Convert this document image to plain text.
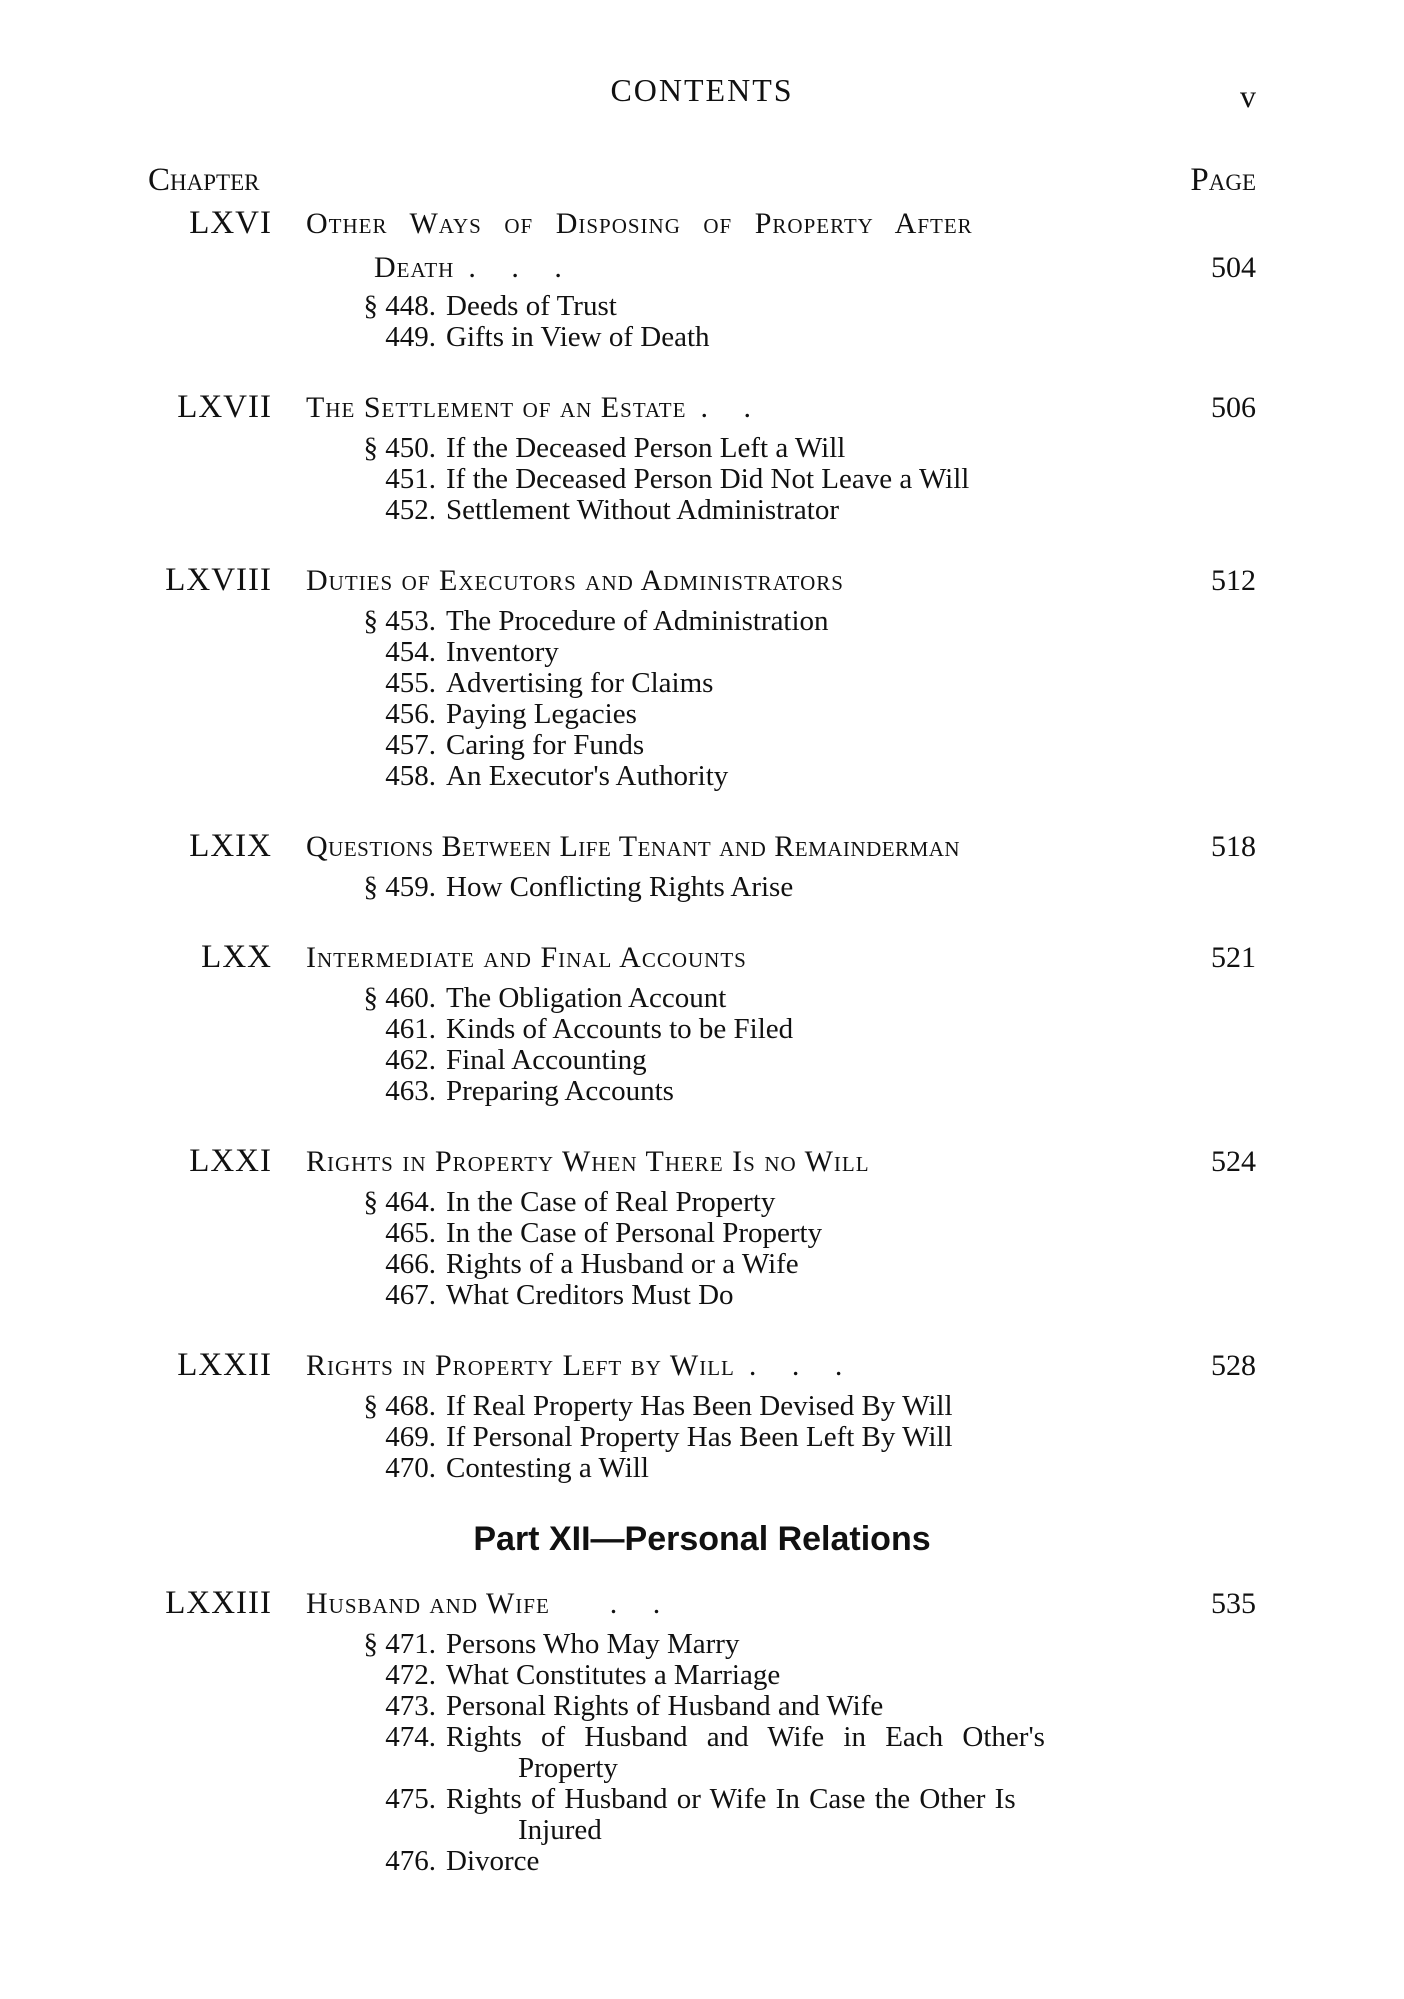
CONTENTS	v
Chapter	Page
LXVI Other Ways of Disposing of Property After
Death . . .	504
§ 448. Deeds of Trust
449. Gifts in View of Death
LXVII The Settlement of an Estate . .	506
§ 450. If the Deceased Person Left a Will
451. If the Deceased Person Did Not Leave a Will
452. Settlement Without Administrator
LXVIII Duties of Executors and Administrators	512
§ 453. The Procedure of Administration
454. Inventory
455. Advertising for Claims
456. Paying Legacies
457. Caring for Funds
458. An Executor's Authority
LXIX Questions Between Life Tenant and Remainderman	518
§ 459. How Conflicting Rights Arise
LXX Intermediate and Final Accounts	521
§ 460. The Obligation Account
461. Kinds of Accounts to be Filed
462. Final Accounting
463. Preparing Accounts
LXXI Rights in Property When There Is no Will	524
§ 464. In the Case of Real Property
465. In the Case of Personal Property
466. Rights of a Husband or a Wife
467. What Creditors Must Do
LXXII Rights in Property Left by Will . . .	528
§ 468. If Real Property Has Been Devised By Will
469. If Personal Property Has Been Left By Will
470. Contesting a Will
Part XII—Personal Relations
LXXIII Husband and Wife . .	535
§ 471. Persons Who May Marry
472. What Constitutes a Marriage
473. Personal Rights of Husband and Wife
474. Rights of Husband and Wife in Each Other's
Property
475. Rights of Husband or Wife In Case the Other Is
Injured
476. Divorce
